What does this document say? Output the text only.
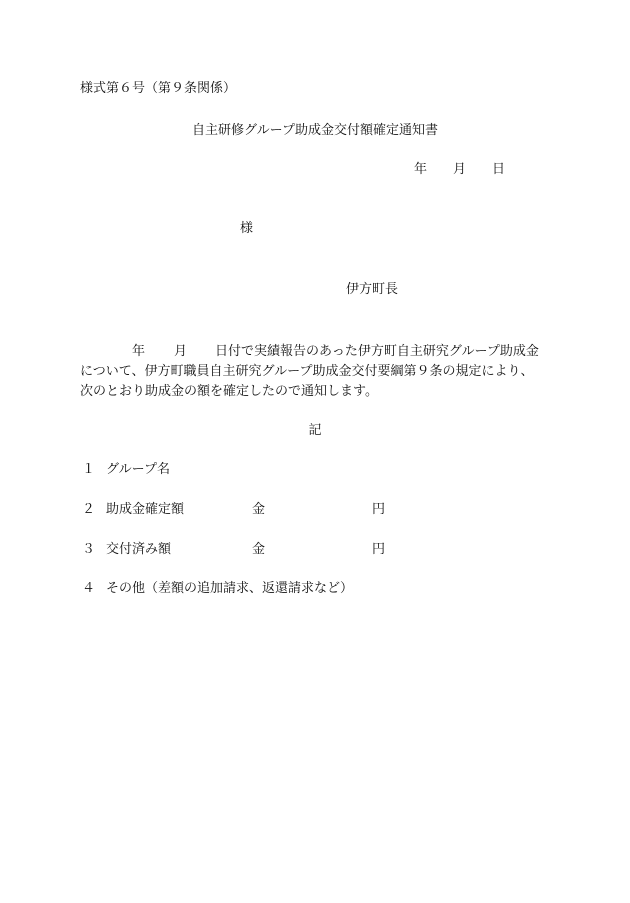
様式第６号（第９条関係）
自主研修グループ助成金交付額確定通知書
年 月 日
様
伊方町長
年 月 日付で実績報告のあった伊方町自主研究グループ助成金
について、伊方町職員自主研究グループ助成金交付要綱第９条の規定により、
次のとおり助成金の額を確定したので通知します。
記
１ グループ名
２ 助成金確定額	金	円
３ 交付済み額	金	円
４ その他（差額の追加請求、返還請求など）
